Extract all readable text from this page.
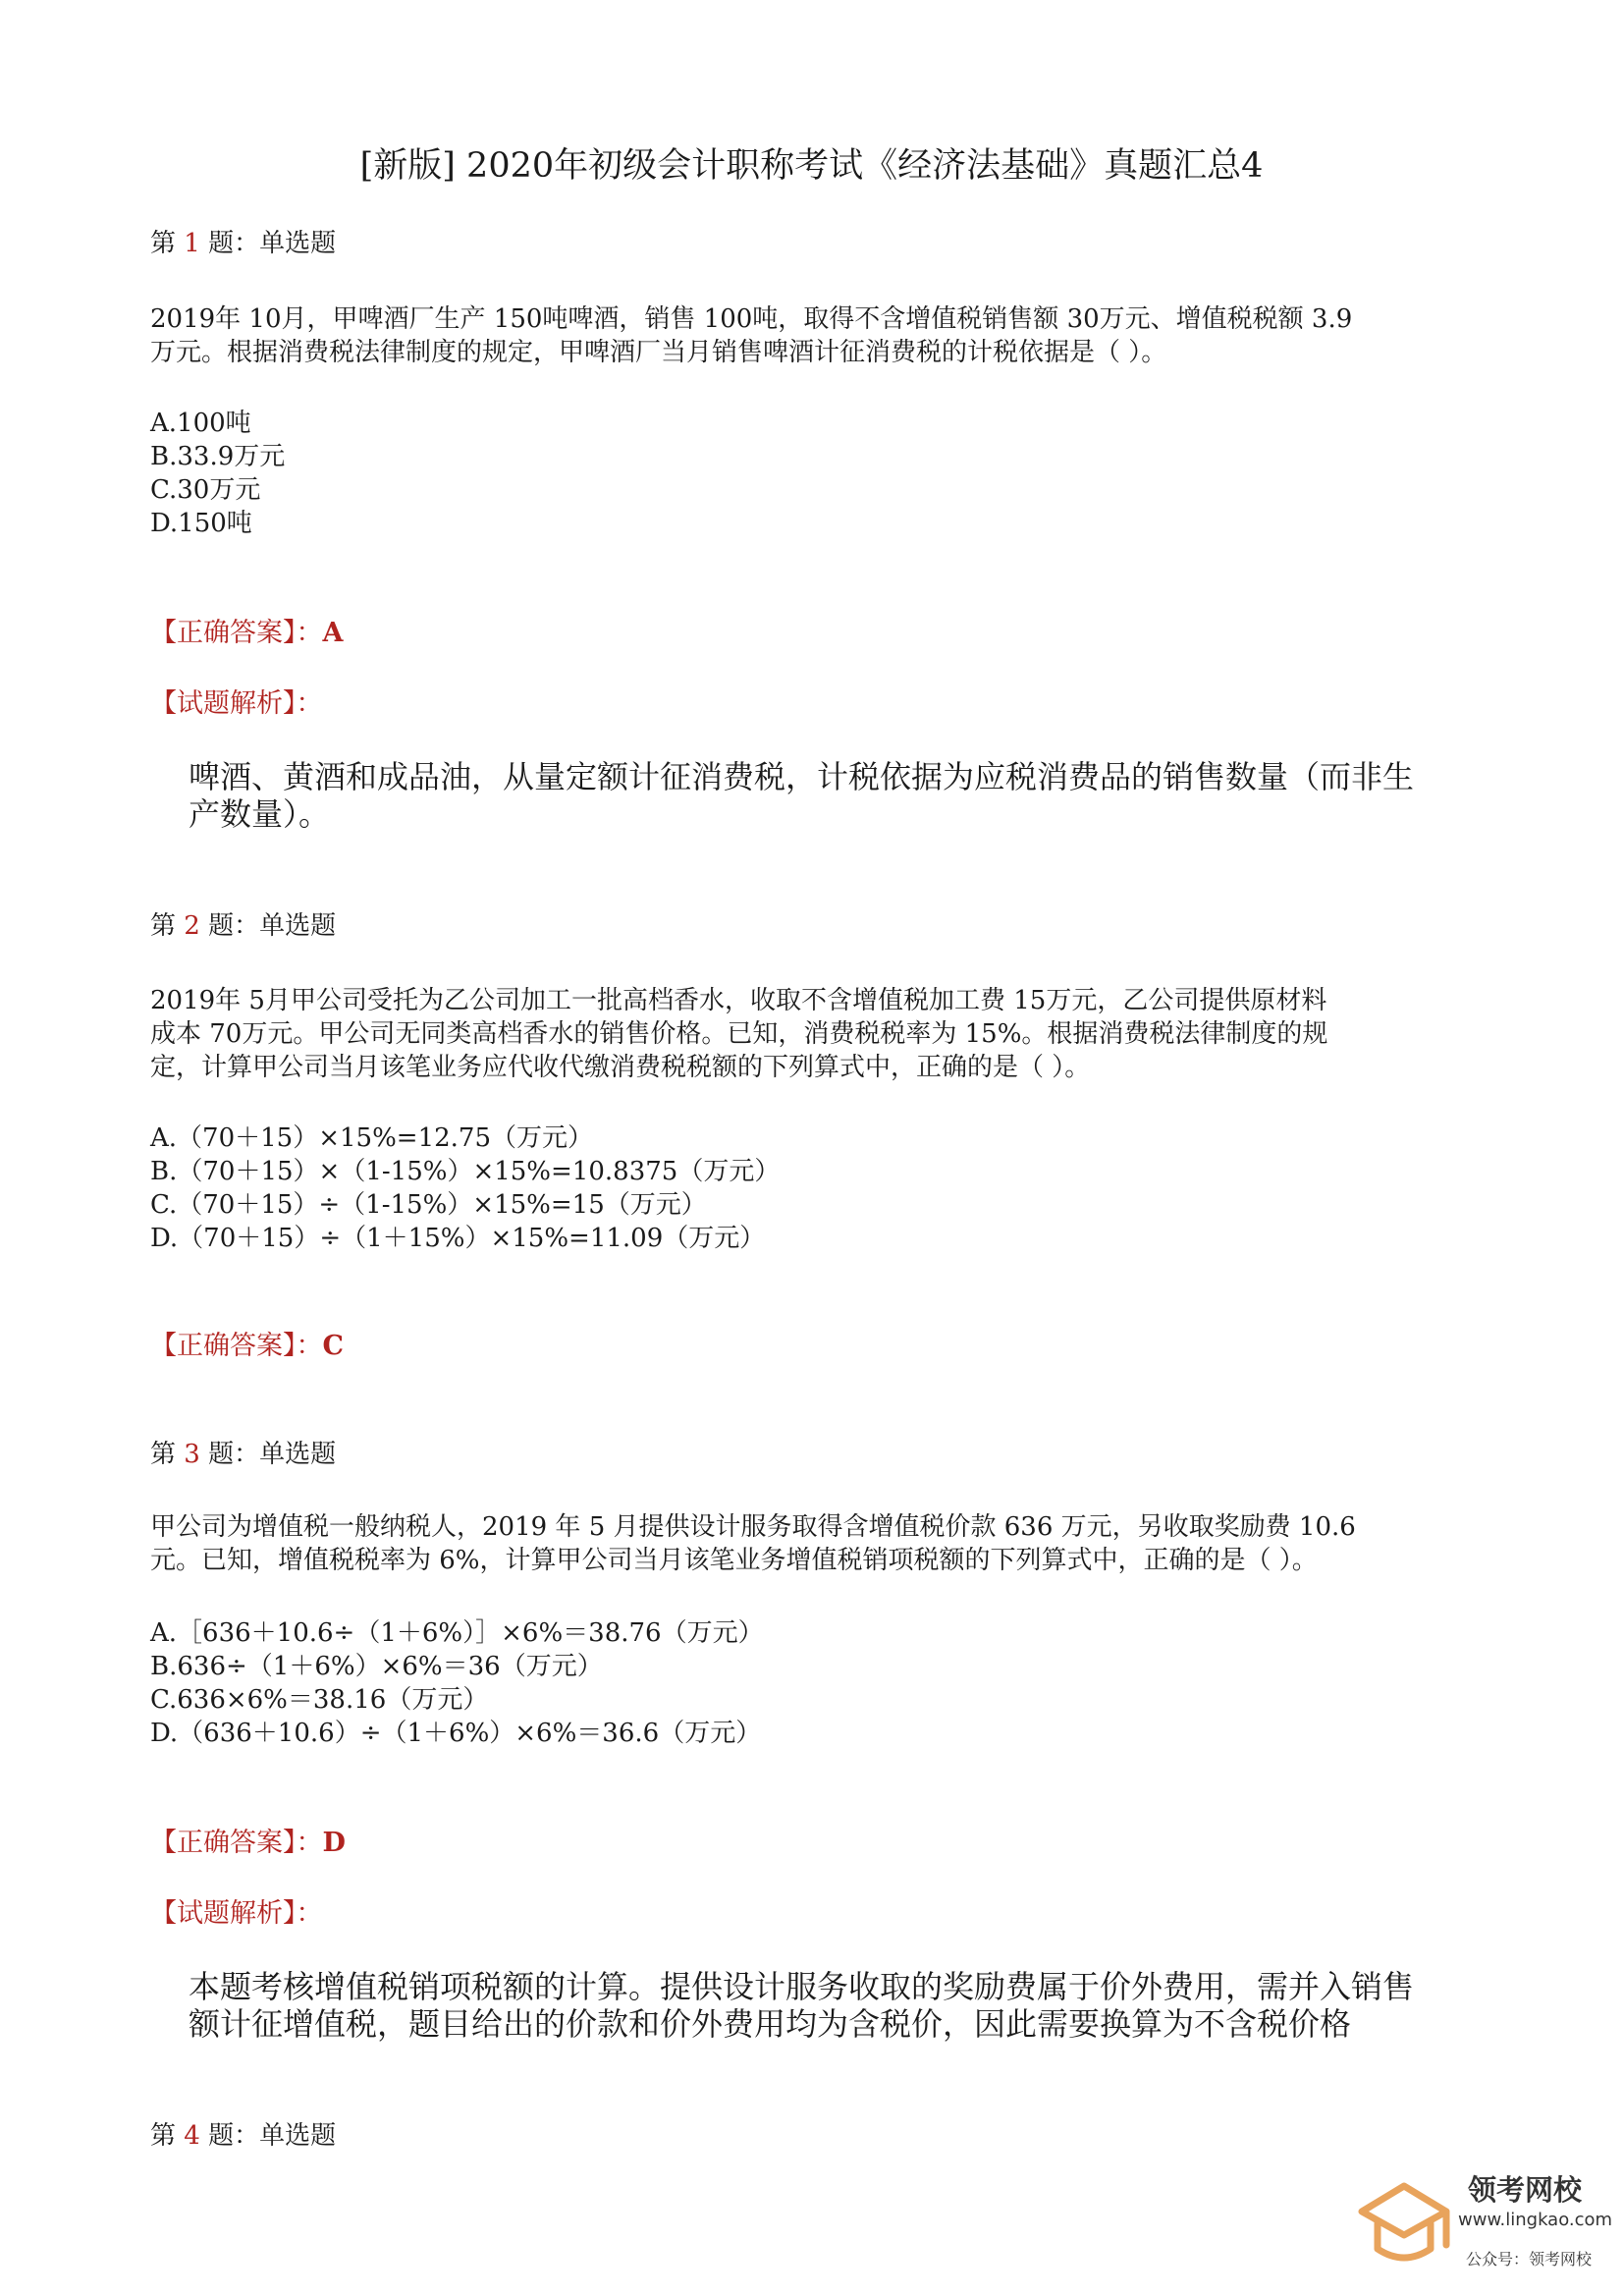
[新版] 2020年初级会计职称考试《经济法基础》真题汇总4
第 1 题：单选题
2019年 10月，甲啤酒厂生产 150吨啤酒，销售 100吨，取得不含增值税销售额 30万元、增值税税额 3.9
万元。根据消费税法律制度的规定，甲啤酒厂当月销售啤酒计征消费税的计税依据是（ ）。
A.100吨
B.33.9万元
C.30万元
D.150吨
【正确答案】：A
【试题解析】：
啤酒、黄酒和成品油，从量定额计征消费税，计税依据为应税消费品的销售数量（而非生
产数量）。
第 2 题：单选题
2019年 5月甲公司受托为乙公司加工一批高档香水，收取不含增值税加工费 15万元，乙公司提供原材料
成本 70万元。甲公司无同类高档香水的销售价格。已知，消费税税率为 15%。根据消费税法律制度的规
定，计算甲公司当月该笔业务应代收代缴消费税税额的下列算式中，正确的是（ ）。
A.（70＋15）×15%=12.75（万元）
B.（70＋15）×（1-15%）×15%=10.8375（万元）
C.（70＋15）÷（1-15%）×15%=15（万元）
D.（70＋15）÷（1＋15%）×15%=11.09（万元）
【正确答案】：C
第 3 题：单选题
甲公司为增值税一般纳税人，2019 年 5 月提供设计服务取得含增值税价款 636 万元，另收取奖励费 10.6
元。已知，增值税税率为 6%，计算甲公司当月该笔业务增值税销项税额的下列算式中，正确的是（ ）。
A.［636＋10.6÷（1＋6%）］×6%＝38.76（万元）
B.636÷（1＋6%）×6%＝36（万元）
C.636×6%＝38.16（万元）
D.（636＋10.6）÷（1＋6%）×6%＝36.6（万元）
【正确答案】：D
【试题解析】：
本题考核增值税销项税额的计算。提供设计服务收取的奖励费属于价外费用，需并入销售
额计征增值税，题目给出的价款和价外费用均为含税价，因此需要换算为不含税价格
第 4 题：单选题
领考网校
www.lingkao.com
公众号：领考网校
